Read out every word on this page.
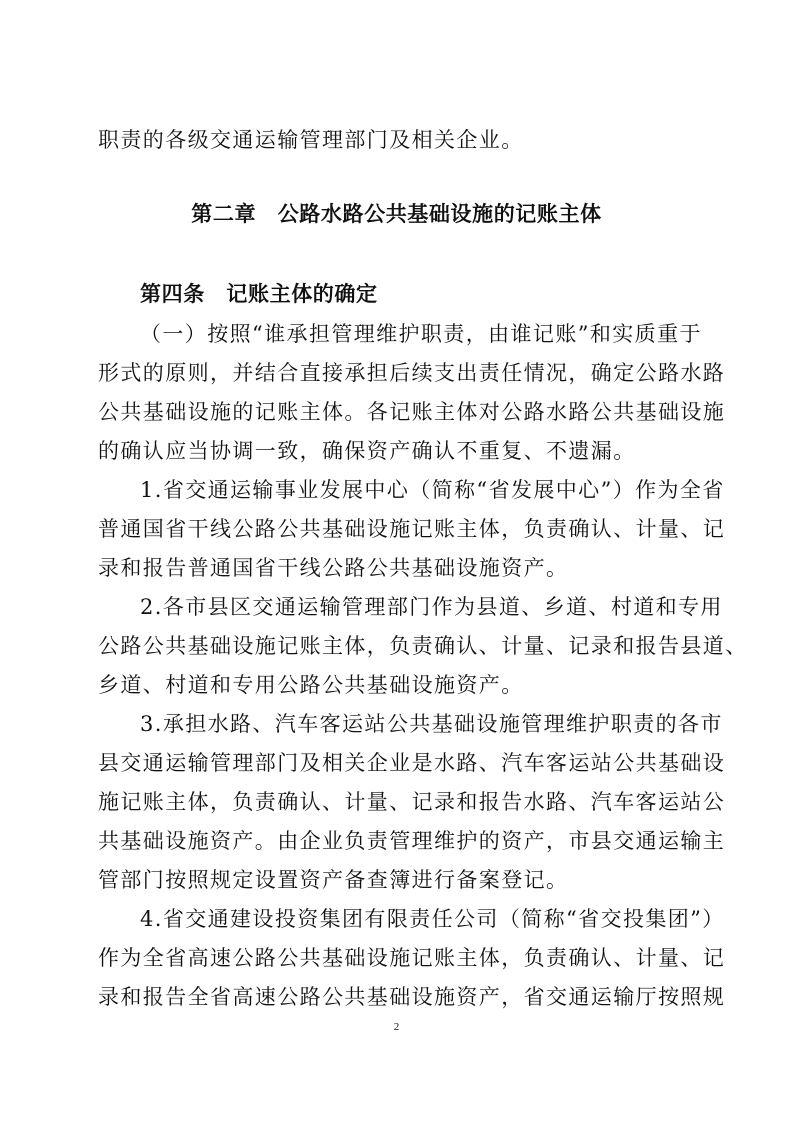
职责的各级交通运输管理部门及相关企业。
第二章　公路水路公共基础设施的记账主体
第四条　记账主体的确定
（一）按照“谁承担管理维护职责，由谁记账”和实质重于
形式的原则，并结合直接承担后续支出责任情况，确定公路水路
公共基础设施的记账主体。各记账主体对公路水路公共基础设施
的确认应当协调一致，确保资产确认不重复、不遗漏。
1.省交通运输事业发展中心（简称“省发展中心”）作为全省
普通国省干线公路公共基础设施记账主体，负责确认、计量、记
录和报告普通国省干线公路公共基础设施资产。
2.各市县区交通运输管理部门作为县道、乡道、村道和专用
公路公共基础设施记账主体，负责确认、计量、记录和报告县道、
乡道、村道和专用公路公共基础设施资产。
3.承担水路、汽车客运站公共基础设施管理维护职责的各市
县交通运输管理部门及相关企业是水路、汽车客运站公共基础设
施记账主体，负责确认、计量、记录和报告水路、汽车客运站公
共基础设施资产。由企业负责管理维护的资产，市县交通运输主
管部门按照规定设置资产备查簿进行备案登记。
4.省交通建设投资集团有限责任公司（简称“省交投集团”）
作为全省高速公路公共基础设施记账主体，负责确认、计量、记
录和报告全省高速公路公共基础设施资产，省交通运输厅按照规
2
